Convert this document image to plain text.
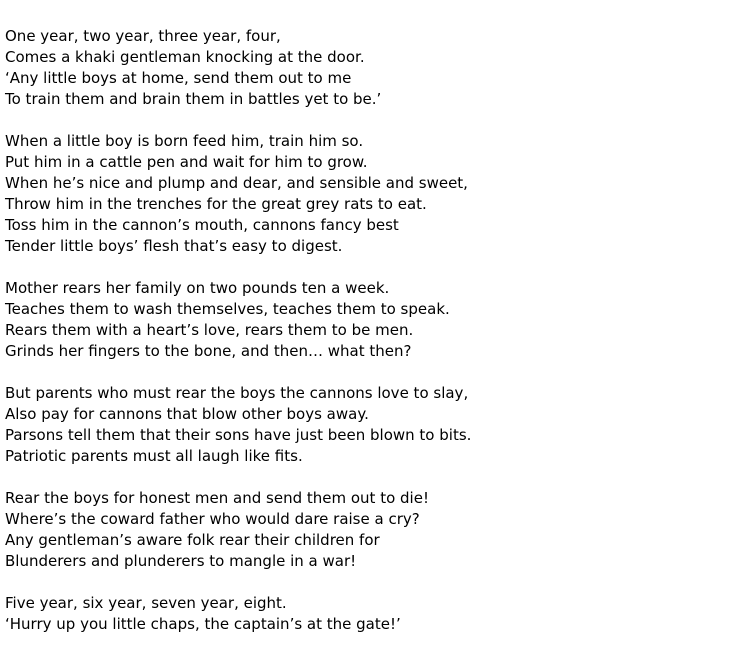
One year, two year, three year, four,
Comes a khaki gentleman knocking at the door.
‘Any little boys at home, send them out to me
To train them and brain them in battles yet to be.’
When a little boy is born feed him, train him so.
Put him in a cattle pen and wait for him to grow.
When he’s nice and plump and dear, and sensible and sweet,
Throw him in the trenches for the great grey rats to eat.
Toss him in the cannon’s mouth, cannons fancy best
Tender little boys’ flesh that’s easy to digest.
Mother rears her family on two pounds ten a week.
Teaches them to wash themselves, teaches them to speak.
Rears them with a heart’s love, rears them to be men.
Grinds her fingers to the bone, and then… what then?
But parents who must rear the boys the cannons love to slay,
Also pay for cannons that blow other boys away.
Parsons tell them that their sons have just been blown to bits.
Patriotic parents must all laugh like fits.
Rear the boys for honest men and send them out to die!
Where’s the coward father who would dare raise a cry?
Any gentleman’s aware folk rear their children for
Blunderers and plunderers to mangle in a war!
Five year, six year, seven year, eight.
‘Hurry up you little chaps, the captain’s at the gate!’
